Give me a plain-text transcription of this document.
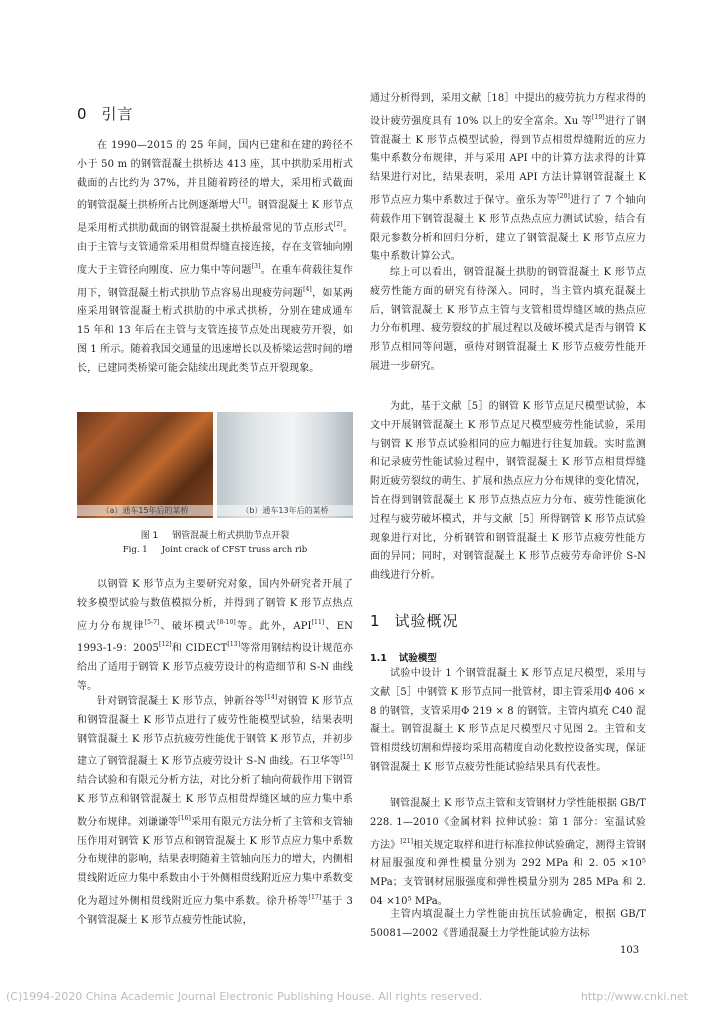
0 引言

在 1990—2015 的 25 年间，国内已建和在建的跨径不小于 50 m 的钢管混凝土拱桥达 413 座，其中拱肋采用桁式截面的占比约为 37%，并且随着跨径的增大，采用桁式截面的钢管混凝土拱桥所占比例逐渐增大[1]。钢管混凝土 K 形节点是采用桁式拱肋截面的钢管混凝土拱桥最常见的节点形式[2]。由于主管与支管通常采用相贯焊缝直接连接，存在支管轴向刚度大于主管径向刚度、应力集中等问题[3]。在重车荷载往复作用下，钢管混凝土桁式拱肋节点容易出现疲劳问题[4]，如某两座采用钢管混凝土桁式拱肋的中承式拱桥，分别在建成通车 15 年和 13 年后在主管与支管连接节点处出现疲劳开裂，如图 1 所示。随着我国交通量的迅速增长以及桥梁运营时间的增长，已建同类桥梁可能会陆续出现此类节点开裂现象。

（a）通车15年后的某桥	（b）通车13年后的某桥
图 1 钢管混凝土桁式拱肋节点开裂
Fig. 1 Joint crack of CFST truss arch rib

以钢管 K 形节点为主要研究对象，国内外研究者开展了较多模型试验与数值模拟分析，并得到了钢管 K 形节点热点应力分布规律[5-7]、破坏模式[8-10]等。此外，API[11]、EN 1993-1-9：2005[12]和 CIDECT[13]等常用钢结构设计规范亦给出了适用于钢管 K 形节点疲劳设计的构造细节和 S-N 曲线等。

针对钢管混凝土 K 形节点，钟新谷等[14]对钢管 K 形节点和钢管混凝土 K 形节点进行了疲劳性能模型试验，结果表明钢管混凝土 K 形节点抗疲劳性能优于钢管 K 形节点，并初步建立了钢管混凝土 K 形节点疲劳设计 S-N 曲线。石卫华等[15]结合试验和有限元分析方法，对比分析了轴向荷载作用下钢管 K 形节点和钢管混凝土 K 形节点相贯焊缝区域的应力集中系数分布规律。刘谦谦等[16]采用有限元方法分析了主管和支管轴压作用对钢管 K 形节点和钢管混凝土 K 形节点应力集中系数分布规律的影响，结果表明随着主管轴向压力的增大，内侧相贯线附近应力集中系数由小于外侧相贯线附近应力集中系数变化为超过外侧相贯线附近应力集中系数。徐升桥等[17]基于 3 个钢管混凝土 K 形节点疲劳性能试验，

通过分析得到，采用文献［18］中提出的疲劳抗力方程求得的设计疲劳强度具有 10% 以上的安全富余。Xu 等[19]进行了钢管混凝土 K 形节点模型试验，得到节点相贯焊缝附近的应力集中系数分布规律，并与采用 API 中的计算方法求得的计算结果进行对比，结果表明，采用 API 方法计算钢管混凝土 K 形节点应力集中系数过于保守。童乐为等[20]进行了 7 个轴向荷载作用下钢管混凝土 K 形节点热点应力测试试验，结合有限元参数分析和回归分析，建立了钢管混凝土 K 形节点应力集中系数计算公式。

综上可以看出，钢管混凝土拱肋的钢管混凝土 K 形节点疲劳性能方面的研究有待深入。同时，当主管内填充混凝土后，钢管混凝土 K 形节点主管与支管相贯焊缝区域的热点应力分布机理、疲劳裂纹的扩展过程以及破坏模式是否与钢管 K 形节点相同等问题，亟待对钢管混凝土 K 形节点疲劳性能开展进一步研究。

为此，基于文献［5］的钢管 K 形节点足尺模型试验，本文中开展钢管混凝土 K 形节点足尺模型疲劳性能试验，采用与钢管 K 形节点试验相同的应力幅进行往复加载。实时监测和记录疲劳性能试验过程中，钢管混凝土 K 形节点相贯焊缝附近疲劳裂纹的萌生、扩展和热点应力分布规律的变化情况，旨在得到钢管混凝土 K 形节点热点应力分布、疲劳性能演化过程与疲劳破坏模式，并与文献［5］所得钢管 K 形节点试验现象进行对比，分析钢管和钢管混凝土 K 形节点疲劳性能方面的异同；同时，对钢管混凝土 K 形节点疲劳寿命评价 S-N 曲线进行分析。

1 试验概况
1.1 试验模型

试验中设计 1 个钢管混凝土 K 形节点足尺模型，采用与文献［5］中钢管 K 形节点同一批管材，即主管采用Φ 406 × 8 的钢管，支管采用Φ 219 × 8 的钢管。主管内填充 C40 混凝土。钢管混凝土 K 形节点足尺模型尺寸见图 2。主管和支管相贯线切割和焊接均采用高精度自动化数控设备实现，保证钢管混凝土 K 形节点疲劳性能试验结果具有代表性。

钢管混凝土 K 形节点主管和支管钢材力学性能根据 GB/T 228. 1—2010《金属材料 拉伸试验：第 1 部分：室温试验方法》[21]相关规定取样和进行标准拉伸试验确定，测得主管钢材屈服强度和弹性模量分别为 292 MPa 和 2. 05 ×10⁵ MPa；支管钢材屈服强度和弹性模量分别为 285 MPa 和 2. 04 ×10⁵ MPa。

主管内填混凝土力学性能由抗压试验确定，根据 GB/T 50081—2002《普通混凝土力学性能试验方法标

103
(C)1994-2020 China Academic Journal Electronic Publishing House. All rights reserved.	http://www.cnki.net
